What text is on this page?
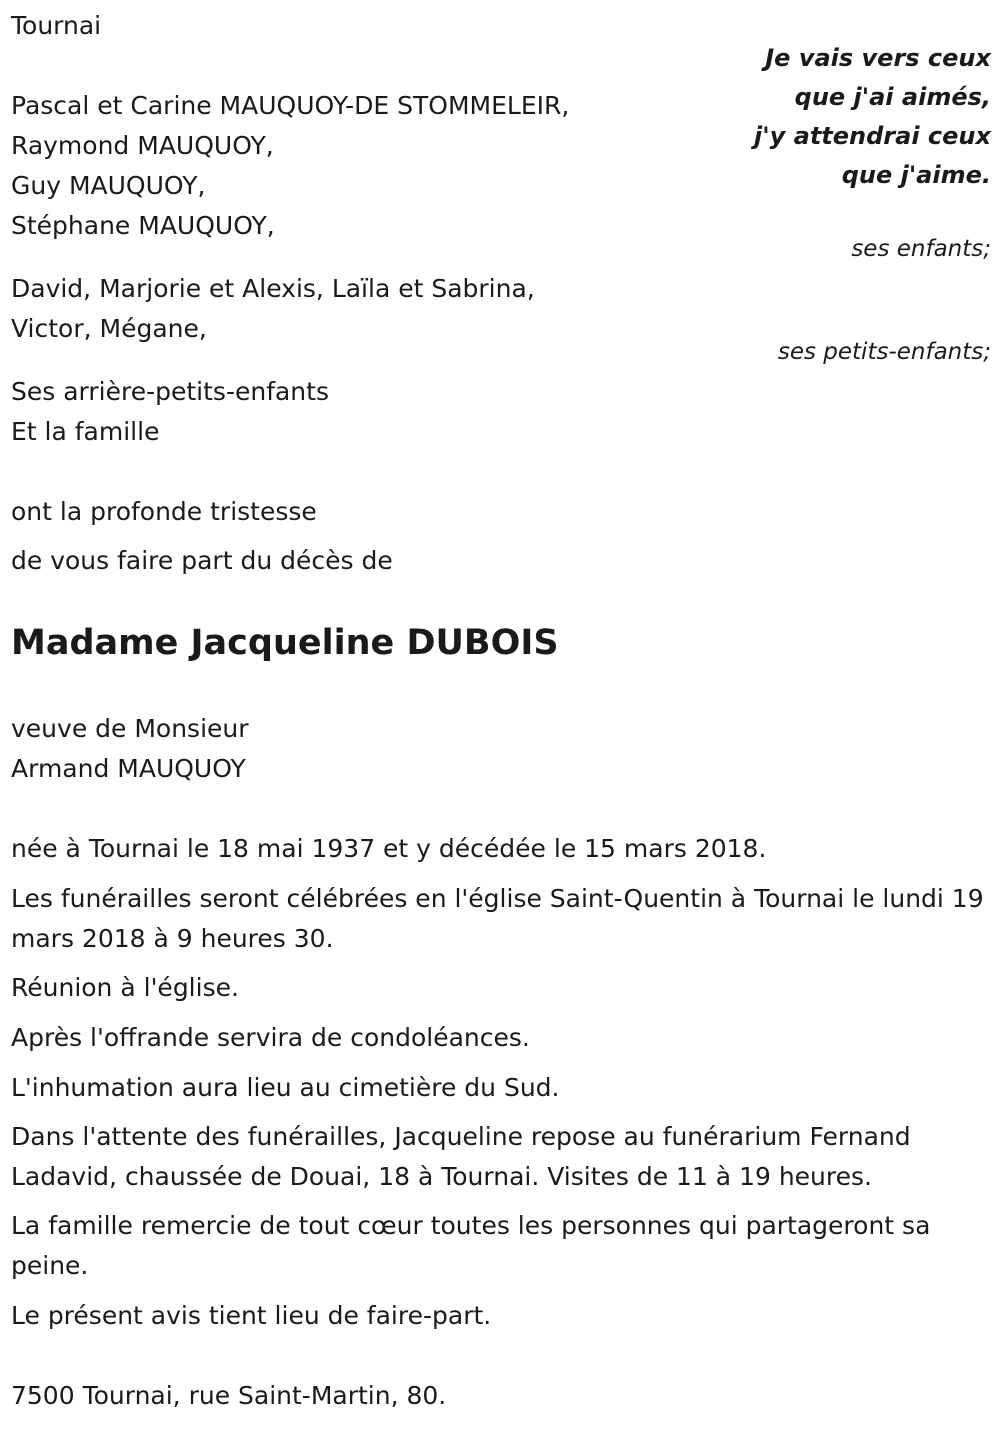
Tournai
Je vais vers ceux
que j'ai aimés,
j'y attendrai ceux
que j'aime.
Pascal et Carine MAUQUOY-DE STOMMELEIR,
Raymond MAUQUOY,
Guy MAUQUOY,
Stéphane MAUQUOY,
ses enfants;
David, Marjorie et Alexis, Laïla et Sabrina,
Victor, Mégane,
ses petits-enfants;
Ses arrière-petits-enfants
Et la famille
ont la profonde tristesse
de vous faire part du décès de
Madame Jacqueline DUBOIS
veuve de Monsieur
Armand MAUQUOY
née à Tournai le 18 mai 1937 et y décédée le 15 mars 2018.
Les funérailles seront célébrées en l'église Saint-Quentin à Tournai le lundi 19 mars 2018 à 9 heures 30.
Réunion à l'église.
Après l'offrande servira de condoléances.
L'inhumation aura lieu au cimetière du Sud.
Dans l'attente des funérailles, Jacqueline repose au funérarium Fernand Ladavid, chaussée de Douai, 18 à Tournai. Visites de 11 à 19 heures.
La famille remercie de tout cœur toutes les personnes qui partageront sa peine.
Le présent avis tient lieu de faire-part.
7500 Tournai, rue Saint-Martin, 80.
